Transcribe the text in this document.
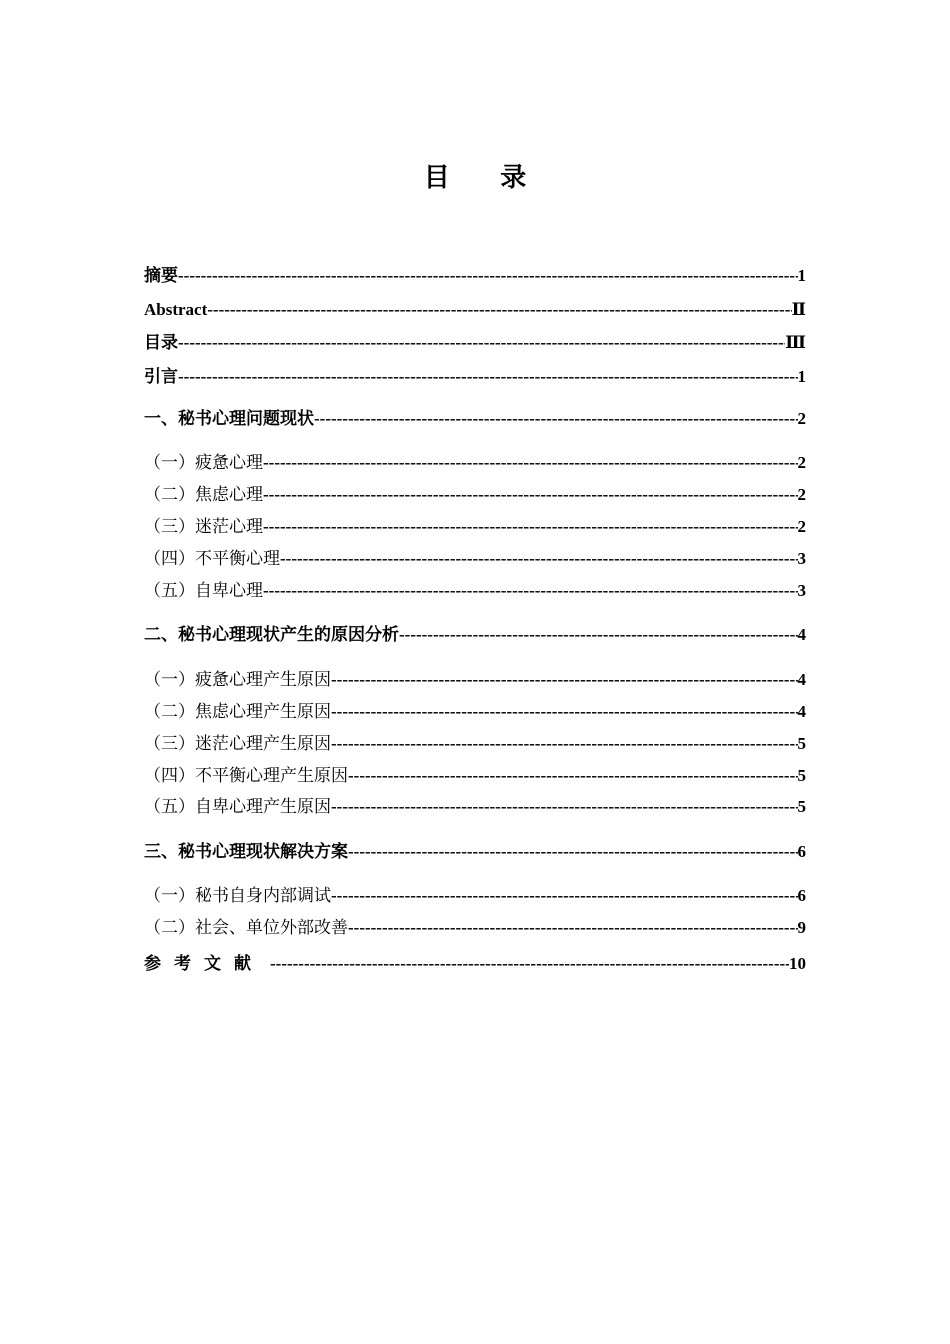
目 录
摘要 -----	1
Abstract -----	Ⅱ
目录 -----	Ⅲ
引言 -----	1
一、秘书心理问题现状 -----	2
（一）疲惫心理 -----	2
（二）焦虑心理 -----	2
（三）迷茫心理 -----	2
（四）不平衡心理 -----	3
（五）自卑心理 -----	3
二、秘书心理现状产生的原因分析 -----	4
（一）疲惫心理产生原因 -----	4
（二）焦虑心理产生原因 -----	4
（三）迷茫心理产生原因 -----	5
（四）不平衡心理产生原因 -----	5
（五）自卑心理产生原因 -----	5
三、秘书心理现状解决方案 -----	6
（一）秘书自身内部调试 -----	6
（二）社会、单位外部改善 -----	9
参考文献 -----	10
